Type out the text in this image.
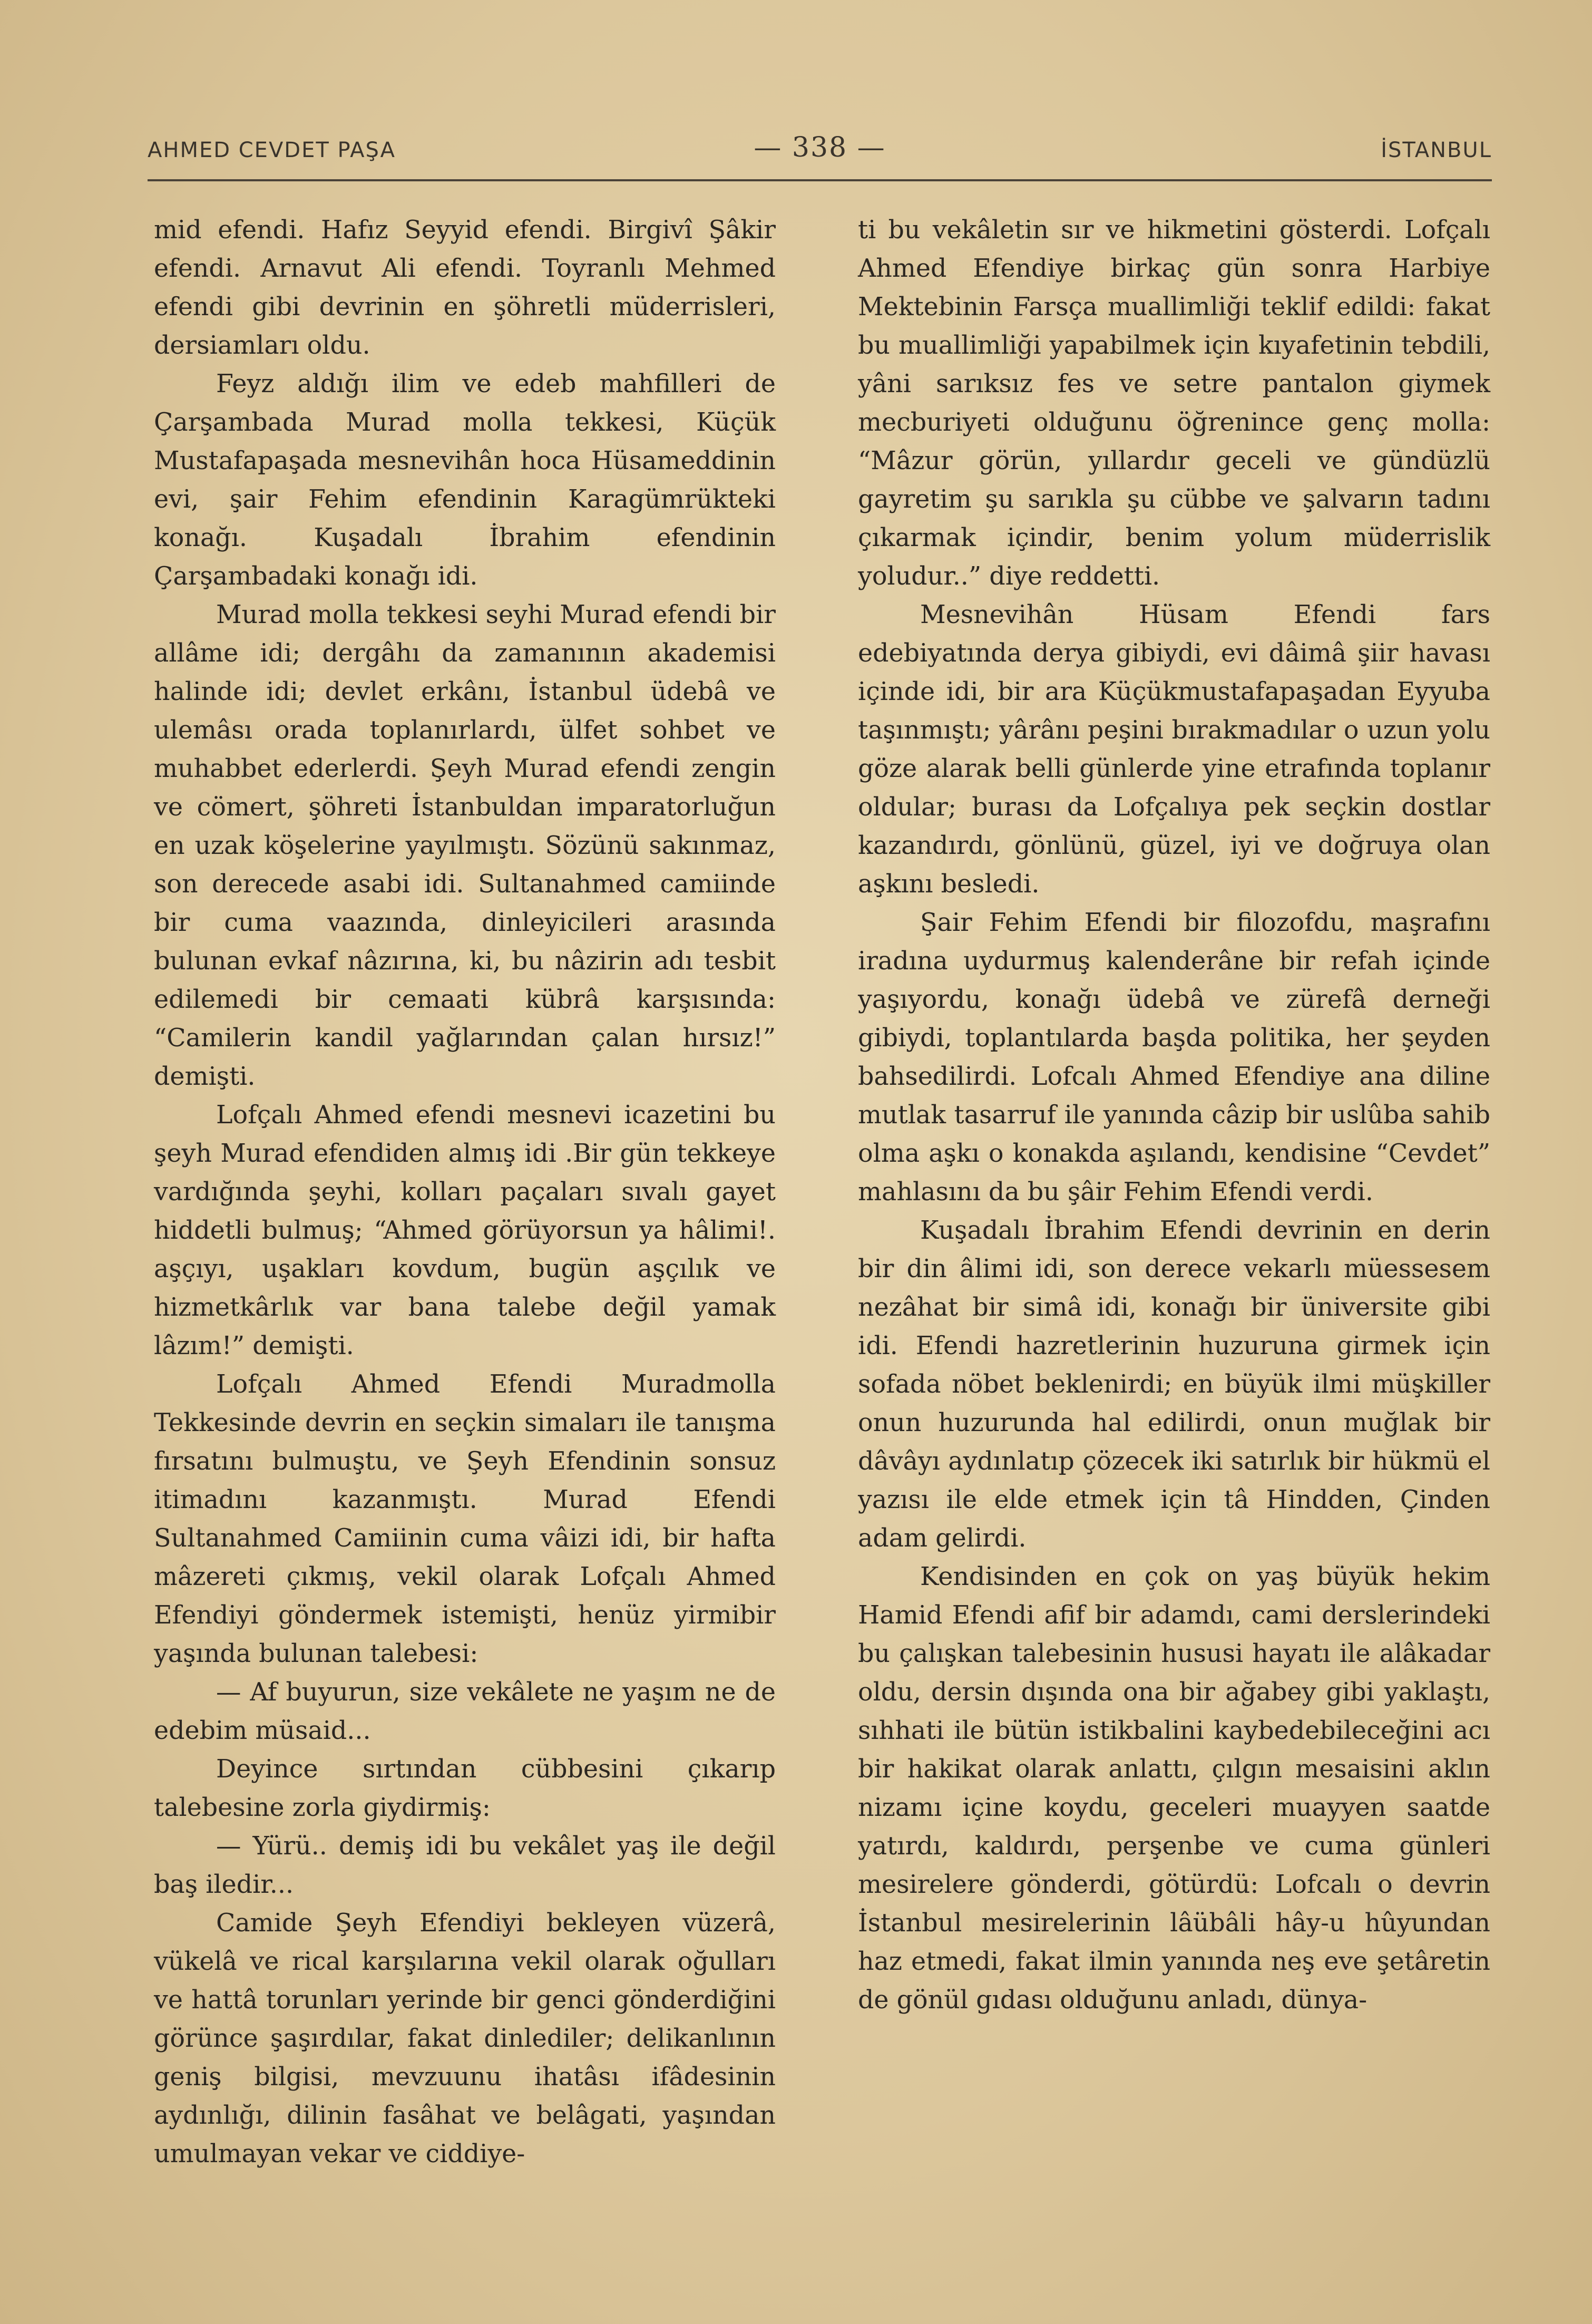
AHMED CEVDET PAŞA	— 338 —	İSTANBUL

mid efendi. Hafız Seyyid efendi. Birgivî Şâkir efendi. Arnavut Ali efendi. Toyranlı Mehmed efendi gibi devrinin en şöhretli müderrisleri, dersiamları oldu.

Feyz aldığı ilim ve edeb mahfilleri de Çarşambada Murad molla tekkesi, Küçük Mustafapaşada mesnevihân hoca Hüsameddinin evi, şair Fehim efendinin Karagümrükteki konağı. Kuşadalı İbrahim efendinin Çarşambadaki konağı idi.

Murad molla tekkesi seyhi Murad efendi bir allâme idi; dergâhı da zamanının akademisi halinde idi; devlet erkânı, İstanbul üdebâ ve ulemâsı orada toplanırlardı, ülfet sohbet ve muhabbet ederlerdi. Şeyh Murad efendi zengin ve cömert, şöhreti İstanbuldan imparatorluğun en uzak köşelerine yayılmıştı. Sözünü sakınmaz, son derecede asabi idi. Sultanahmed camiinde bir cuma vaazında, dinleyicileri arasında bulunan evkaf nâzırına, ki, bu nâzirin adı tesbit edilemedi bir cemaati kübrâ karşısında: “Camilerin kandil yağlarından çalan hırsız!” demişti.

Lofçalı Ahmed efendi mesnevi icazetini bu şeyh Murad efendiden almış idi .Bir gün tekkeye vardığında şeyhi, kolları paçaları sıvalı gayet hiddetli bulmuş; “Ahmed görüyorsun ya hâlimi!. aşçıyı, uşakları kovdum, bugün aşçılık ve hizmetkârlık var bana talebe değil yamak lâzım!” demişti.

Lofçalı Ahmed Efendi Muradmolla Tekkesinde devrin en seçkin simaları ile tanışma fırsatını bulmuştu, ve Şeyh Efendinin sonsuz itimadını kazanmıştı. Murad Efendi Sultanahmed Camiinin cuma vâizi idi, bir hafta mâzereti çıkmış, vekil olarak Lofçalı Ahmed Efendiyi göndermek istemişti, henüz yirmibir yaşında bulunan talebesi:

— Af buyurun, size vekâlete ne yaşım ne de edebim müsaid...

Deyince sırtından cübbesini çıkarıp talebesine zorla giydirmiş:

— Yürü.. demiş idi bu vekâlet yaş ile değil baş iledir...

Camide Şeyh Efendiyi bekleyen vüzerâ, vükelâ ve rical karşılarına vekil olarak oğulları ve hattâ torunları yerinde bir genci gönderdiğini görünce şaşırdılar, fakat dinlediler; delikanlının geniş bilgisi, mevzuunu ihatâsı ifâdesinin aydınlığı, dilinin fasâhat ve belâgati, yaşından umulmayan vekar ve ciddiye-

ti bu vekâletin sır ve hikmetini gösterdi. Lofçalı Ahmed Efendiye birkaç gün sonra Harbiye Mektebinin Farsça muallimliği teklif edildi: fakat bu muallimliği yapabilmek için kıyafetinin tebdili, yâni sarıksız fes ve setre pantalon giymek mecburiyeti olduğunu öğrenince genç molla: “Mâzur görün, yıllardır geceli ve gündüzlü gayretim şu sarıkla şu cübbe ve şalvarın tadını çıkarmak içindir, benim yolum müderrislik yoludur..” diye reddetti.

Mesnevihân Hüsam Efendi fars edebiyatında derya gibiydi, evi dâimâ şiir havası içinde idi, bir ara Küçükmustafapaşadan Eyyuba taşınmıştı; yârânı peşini bırakmadılar o uzun yolu göze alarak belli günlerde yine etrafında toplanır oldular; burası da Lofçalıya pek seçkin dostlar kazandırdı, gönlünü, güzel, iyi ve doğruya olan aşkını besledi.

Şair Fehim Efendi bir filozofdu, maşrafını iradına uydurmuş kalenderâne bir refah içinde yaşıyordu, konağı üdebâ ve zürefâ derneği gibiydi, toplantılarda başda politika, her şeyden bahsedilirdi. Lofcalı Ahmed Efendiye ana diline mutlak tasarruf ile yanında câzip bir uslûba sahib olma aşkı o konakda aşılandı, kendisine “Cevdet” mahlasını da bu şâir Fehim Efendi verdi.

Kuşadalı İbrahim Efendi devrinin en derin bir din âlimi idi, son derece vekarlı müessesem nezâhat bir simâ idi, konağı bir üniversite gibi idi. Efendi hazretlerinin huzuruna girmek için sofada nöbet beklenirdi; en büyük ilmi müşkiller onun huzurunda hal edilirdi, onun muğlak bir dâvâyı aydınlatıp çözecek iki satırlık bir hükmü el yazısı ile elde etmek için tâ Hindden, Çinden adam gelirdi.

Kendisinden en çok on yaş büyük hekim Hamid Efendi afif bir adamdı, cami derslerindeki bu çalışkan talebesinin hususi hayatı ile alâkadar oldu, dersin dışında ona bir ağabey gibi yaklaştı, sıhhati ile bütün istikbalini kaybedebileceğini acı bir hakikat olarak anlattı, çılgın mesaisini aklın nizamı içine koydu, geceleri muayyen saatde yatırdı, kaldırdı, perşenbe ve cuma günleri mesirelere gönderdi, götürdü: Lofcalı o devrin İstanbul mesirelerinin lâübâli hây-u hûyundan haz etmedi, fakat ilmin yanında neş eve şetâretin de gönül gıdası olduğunu anladı, dünya-
